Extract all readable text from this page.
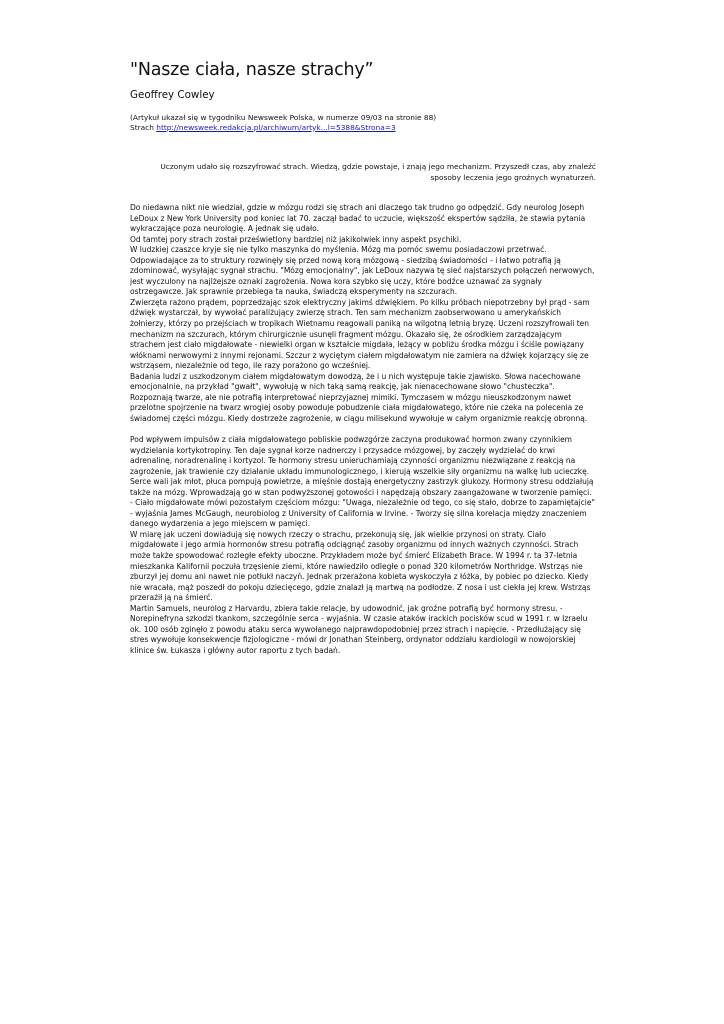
"Nasze ciała, nasze strachy”

Geoffrey Cowley

(Artykuł ukazał się w tygodniku Newsweek Polska, w numerze 09/03 na stronie 88)
Strach http://newsweek.redakcja.pl/archiwum/artyk...l=5388&Strona=3
Uczonym udało się rozszyfrować strach. Wiedzą, gdzie powstaje, i znają jego mechanizm. Przyszedł czas, aby znaleźć sposoby leczenia jego groźnych wynaturzeń.

Do niedawna nikt nie wiedział, gdzie w mózgu rodzi się strach ani dlaczego tak trudno go odpędzić. Gdy neurolog Joseph LeDoux z New York University pod koniec lat 70. zaczął badać to uczucie, większość ekspertów sądziła, że stawia pytania wykraczające poza neurologię. A jednak się udało.

Od tamtej pory strach został prześwietlony bardziej niż jakikolwiek inny aspekt psychiki.

W ludzkiej czaszce kryje się nie tylko maszynka do myślenia. Mózg ma pomóc swemu posiadaczowi przetrwać. Odpowiadające za to struktury rozwinęły się przed nową korą mózgową - siedzibą świadomości - i łatwo potrafią ją zdominować, wysyłając sygnał strachu. "Mózg emocjonalny", jak LeDoux nazywa tę sieć najstarszych połączeń nerwowych, jest wyczulony na najlżejsze oznaki zagrożenia. Nowa kora szybko się uczy, które bodźce uznawać za sygnały ostrzegawcze. Jak sprawnie przebiega ta nauka, świadczą eksperymenty na szczurach.

Zwierzęta rażono prądem, poprzedzając szok elektryczny jakimś dźwiękiem. Po kilku próbach niepotrzebny był prąd - sam dźwięk wystarczał, by wywołać paraliżujący zwierzę strach. Ten sam mechanizm zaobserwowano u amerykańskich żołnierzy, którzy po przejściach w tropikach Wietnamu reagowali paniką na wilgotną letnią bryzę. Uczeni rozszyfrowali ten mechanizm na szczurach, którym chirurgicznie usunęli fragment mózgu. Okazało się, że ośrodkiem zarządzającym strachem jest ciało migdałowate - niewielki organ w kształcie migdała, leżący w pobliżu środka mózgu i ściśle powiązany włóknami nerwowymi z innymi rejonami. Szczur z wyciętym ciałem migdałowatym nie zamiera na dźwięk kojarzący się ze wstrząsem, niezależnie od tego, ile razy porażono go wcześniej.

Badania ludzi z uszkodzonym ciałem migdałowatym dowodzą, że i u nich występuje takie zjawisko. Słowa nacechowane emocjonalnie, na przykład "gwałt", wywołują w nich taką samą reakcję, jak nienacechowane słowo "chusteczka". Rozpoznają twarze, ale nie potrafią interpretować nieprzyjaznej mimiki. Tymczasem w mózgu nieuszkodzonym nawet przelotne spojrzenie na twarz wrogiej osoby powoduje pobudzenie ciała migdałowatego, które nie czeka na polecenia ze świadomej części mózgu. Kiedy dostrzeże zagrożenie, w ciągu milisekund wywołuje w całym organizmie reakcję obronną.

Pod wpływem impulsów z ciała migdałowatego pobliskie podwzgórze zaczyna produkować hormon zwany czynnikiem wydzielania kortykotropiny. Ten daje sygnał korze nadnerczy i przysadce mózgowej, by zaczęły wydzielać do krwi adrenalinę, noradrenalinę i kortyzol. Te hormony stresu unieruchamiają czynności organizmu niezwiązane z reakcją na zagrożenie, jak trawienie czy działanie układu immunologicznego, i kierują wszelkie siły organizmu na walkę lub ucieczkę. Serce wali jak młot, płuca pompują powietrze, a mięśnie dostają energetyczny zastrzyk glukozy. Hormony stresu oddziałują także na mózg. Wprowadzają go w stan podwyższonej gotowości i napędzają obszary zaangażowane w tworzenie pamięci. - Ciało migdałowate mówi pozostałym częściom mózgu: "Uwaga, niezależnie od tego, co się stało, dobrze to zapamiętajcie" - wyjaśnia James McGaugh, neurobiolog z University of California w Irvine. - Tworzy się silna korelacja między znaczeniem danego wydarzenia a jego miejscem w pamięci.

W miarę jak uczeni dowiadują się nowych rzeczy o strachu, przekonują się, jak wielkie przynosi on straty. Ciało migdałowate i jego armia hormonów stresu potrafią odciągnąć zasoby organizmu od innych ważnych czynności. Strach może także spowodować rozległe efekty uboczne. Przykładem może być śmierć Elizabeth Brace. W 1994 r. ta 37-letnia mieszkanka Kalifornii poczuła trzęsienie ziemi, które nawiedziło odległe o ponad 320 kilometrów Northridge. Wstrząs nie zburzył jej domu ani nawet nie potłukł naczyń. Jednak przerażona kobieta wyskoczyła z łóżka, by pobiec po dziecko. Kiedy nie wracała, mąż poszedł do pokoju dziecięcego, gdzie znalazł ją martwą na podłodze. Z nosa i ust ciekła jej krew. Wstrząs przerażił ją na śmierć.

Martin Samuels, neurolog z Harvardu, zbiera takie relacje, by udowodnić, jak groźne potrafią być hormony stresu. - Norepinefryna szkodzi tkankom, szczególnie serca - wyjaśnia. W czasie ataków irackich pocisków scud w 1991 r. w Izraelu ok. 100 osób zginęło z powodu ataku serca wywołanego najprawdopodobniej przez strach i napięcie. - Przedłużający się stres wywołuje konsekwencje fizjologiczne - mówi dr Jonathan Steinberg, ordynator oddziału kardiologii w nowojorskiej klinice św. Łukasza i główny autor raportu z tych badań.
